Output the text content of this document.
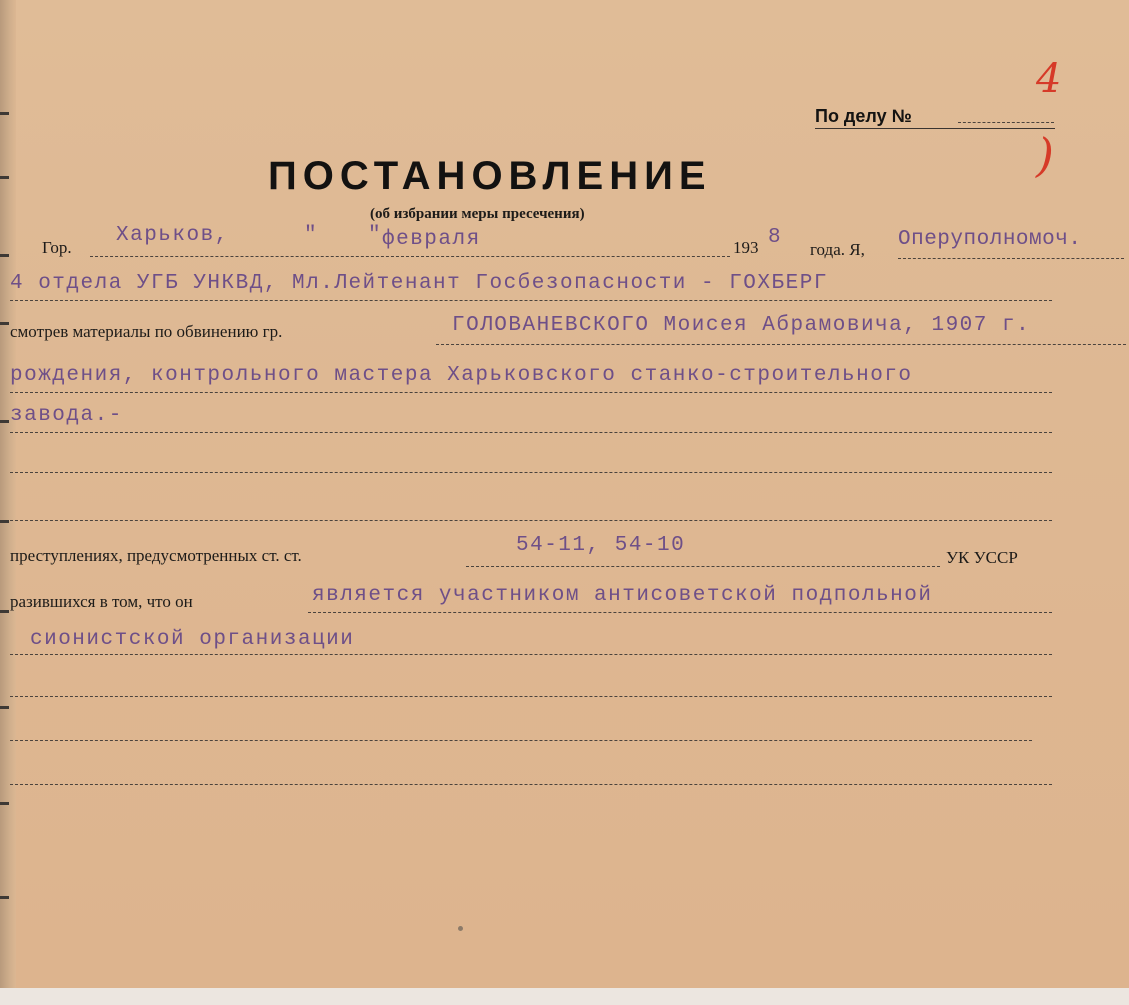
По делу №
4
)
ПОСТАНОВЛЕНИЕ
(об избрании меры пресечения)
Гор.
Харьков,	" " февраля	193 8
года. Я, Оперуполномоч.
4 отдела УГБ УНКВД, Мл.Лейтенант Госбезопасности - ГОХБЕРГ
смотрев материалы по обвинению гр.	ГОЛОВАНЕВСКОГО Моисея Абрамовича, 1907 г.
рождения, контрольного мастера Харьковского станко-строительного
завода.-
преступлениях, предусмотренных ст. ст.	54-11, 54-10
УК УССР
разившихся в том, что он	является участником антисоветской подпольной
сионистской организации
